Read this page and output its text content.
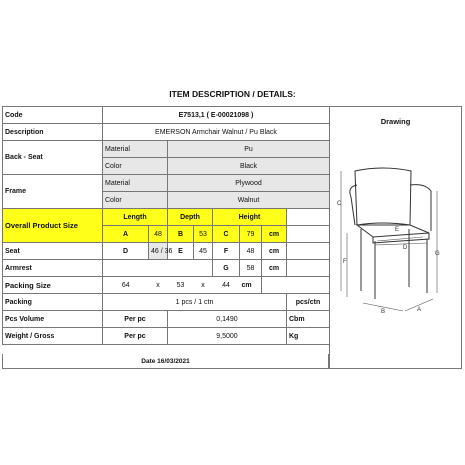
ITEM DESCRIPTION / DETAILS:
Code	E7513,1 ( E-00021098 )							
Description	EMERSON Armchair Walnut / Pu Black							
Back - Seat	Material		Pu					
	Color		Black					
Frame	Material		Plywood					
	Color		Walnut					
Overall Product Size	Length		Depth		Height			
	A	48	B	53	C	79	cm	
Seat	D	46 / 36	E	45	F	48	cm	
Armrest					G	58	cm	
Packing Size	64	x	53	x	44	cm		
Packing	1 pcs / 1 ctn							pcs/ctn
Pcs Volume	Per pc		0,1490					Cbm
Weight / Gross	Per pc		9,5000					Kg
Date 16/03/2021
Drawing
C
F
G
E
D
B	A
